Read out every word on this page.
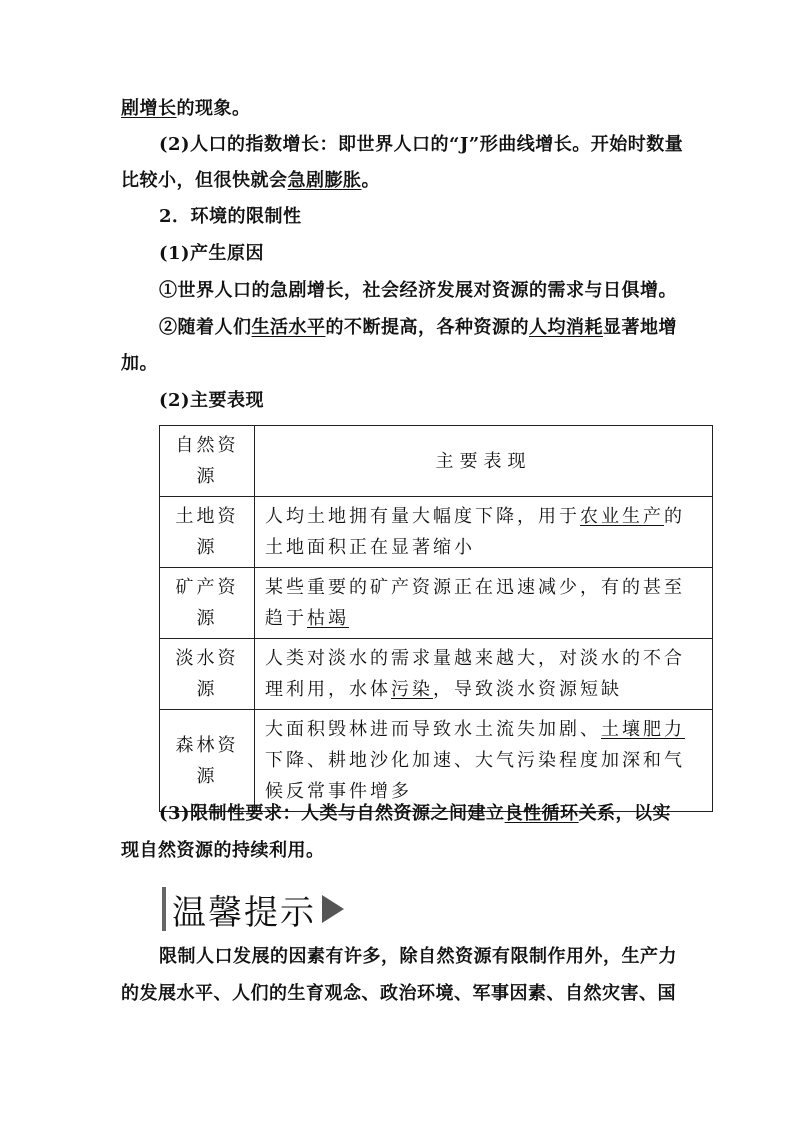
剧增长的现象。
(2)人口的指数增长：即世界人口的“J”形曲线增长。开始时数量
比较小，但很快就会急剧膨胀。
2．环境的限制性
(1)产生原因
①世界人口的急剧增长，社会经济发展对资源的需求与日俱增。
②随着人们生活水平的不断提高，各种资源的人均消耗显著地增
加。
(2)主要表现
自然资源	主要表现
土地资源	人均土地拥有量大幅度下降，用于农业生产的土地面积正在显著缩小
矿产资源	某些重要的矿产资源正在迅速减少，有的甚至趋于枯竭
淡水资源	人类对淡水的需求量越来越大，对淡水的不合理利用，水体污染，导致淡水资源短缺
森林资源	大面积毁林进而导致水土流失加剧、土壤肥力下降、耕地沙化加速、大气污染程度加深和气候反常事件增多
(3)限制性要求：人类与自然资源之间建立良性循环关系，以实
现自然资源的持续利用。
温馨提示
限制人口发展的因素有许多，除自然资源有限制作用外，生产力
的发展水平、人们的生育观念、政治环境、军事因素、自然灾害、国
